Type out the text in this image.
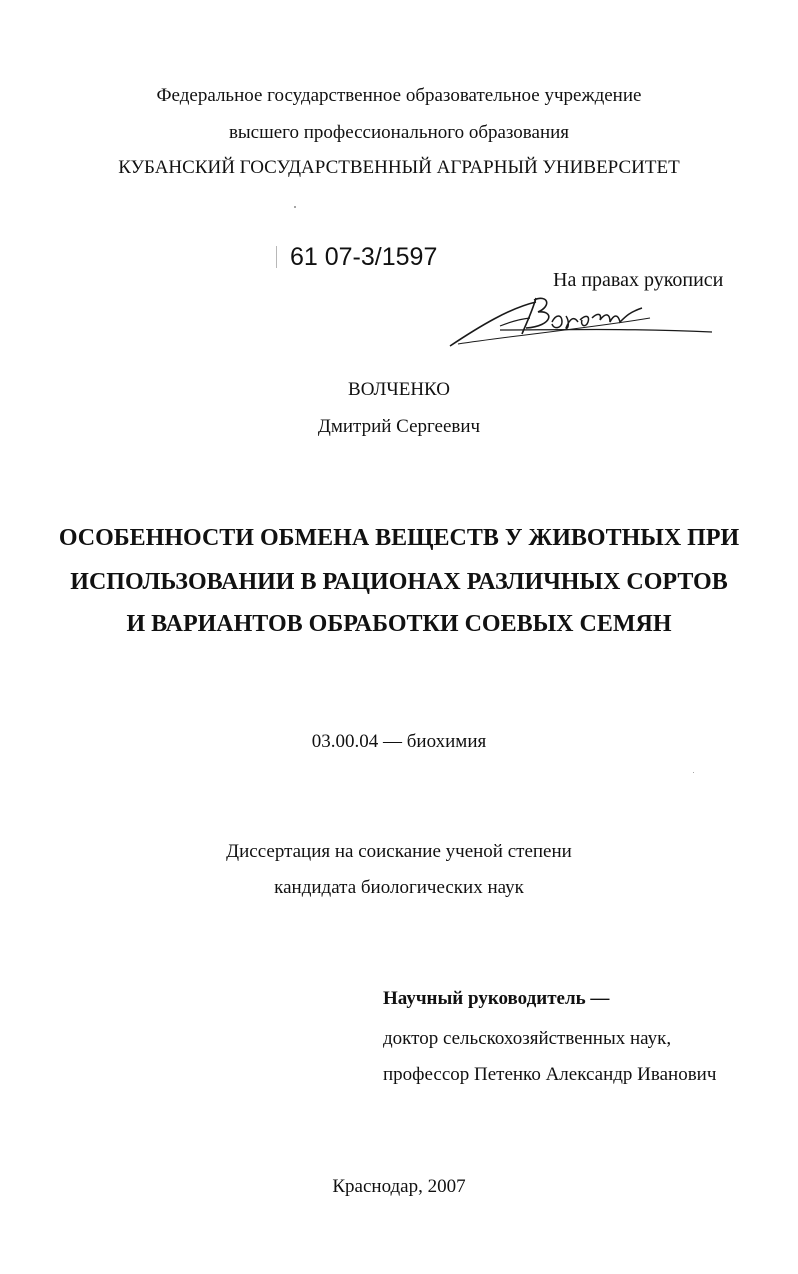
Федеральное государственное образовательное учреждение
высшего профессионального образования
КУБАНСКИЙ ГОСУДАРСТВЕННЫЙ АГРАРНЫЙ УНИВЕРСИТЕТ
61 07-3/1597
На правах рукописи
ВОЛЧЕНКО
Дмитрий Сергеевич
ОСОБЕННОСТИ ОБМЕНА ВЕЩЕСТВ У ЖИВОТНЫХ ПРИ
ИСПОЛЬЗОВАНИИ В РАЦИОНАХ РАЗЛИЧНЫХ СОРТОВ
И ВАРИАНТОВ ОБРАБОТКИ СОЕВЫХ СЕМЯН
03.00.04 — биохимия
Диссертация на соискание ученой степени
кандидата биологических наук
Научный руководитель —
доктор сельскохозяйственных наук,
профессор Петенко Александр Иванович
Краснодар, 2007
